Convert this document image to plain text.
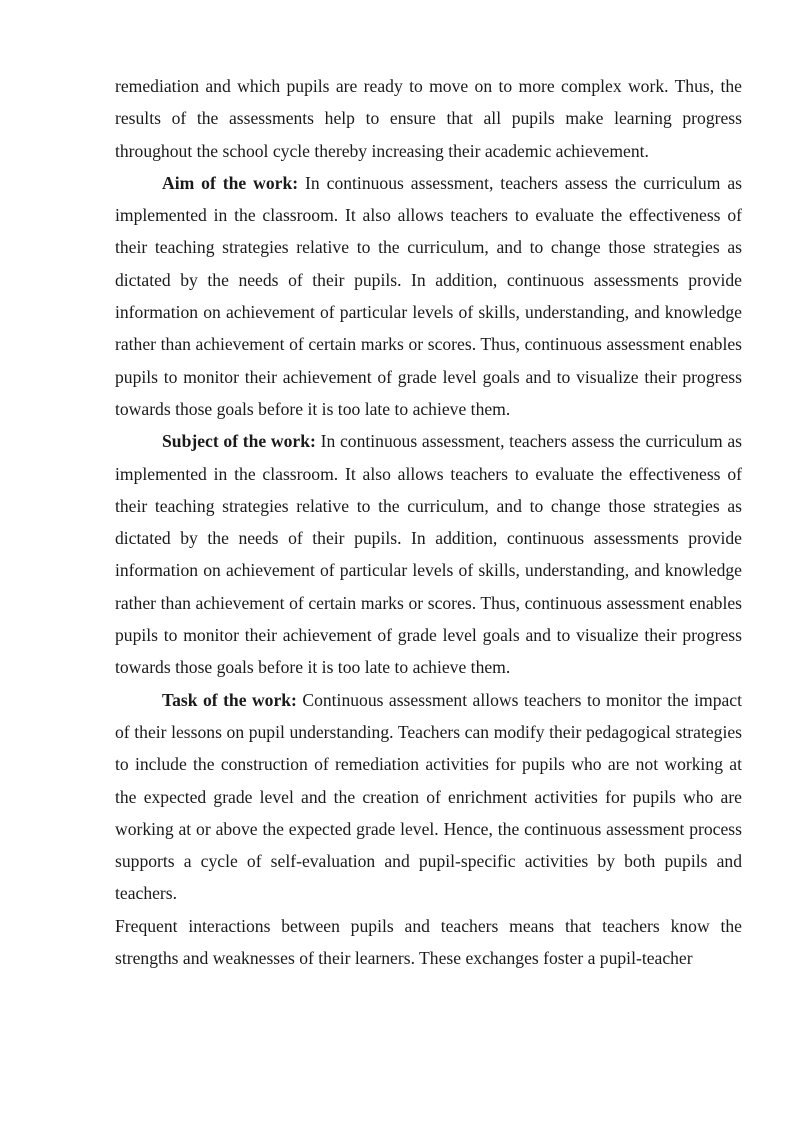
remediation and which pupils are ready to move on to more complex work. Thus, the results of the assessments help to ensure that all pupils make learning progress throughout the school cycle thereby increasing their academic achievement.

Aim of the work: In continuous assessment, teachers assess the curriculum as implemented in the classroom. It also allows teachers to evaluate the effectiveness of their teaching strategies relative to the curriculum, and to change those strategies as dictated by the needs of their pupils. In addition, continuous assessments provide information on achievement of particular levels of skills, understanding, and knowledge rather than achievement of certain marks or scores. Thus, continuous assessment enables pupils to monitor their achievement of grade level goals and to visualize their progress towards those goals before it is too late to achieve them.

Subject of the work: In continuous assessment, teachers assess the curriculum as implemented in the classroom. It also allows teachers to evaluate the effectiveness of their teaching strategies relative to the curriculum, and to change those strategies as dictated by the needs of their pupils. In addition, continuous assessments provide information on achievement of particular levels of skills, understanding, and knowledge rather than achievement of certain marks or scores. Thus, continuous assessment enables pupils to monitor their achievement of grade level goals and to visualize their progress towards those goals before it is too late to achieve them.

Task of the work: Continuous assessment allows teachers to monitor the impact of their lessons on pupil understanding. Teachers can modify their pedagogical strategies to include the construction of remediation activities for pupils who are not working at the expected grade level and the creation of enrichment activities for pupils who are working at or above the expected grade level. Hence, the continuous assessment process supports a cycle of self-evaluation and pupil-specific activities by both pupils and teachers.

Frequent interactions between pupils and teachers means that teachers know the strengths and weaknesses of their learners. These exchanges foster a pupil-teacher
